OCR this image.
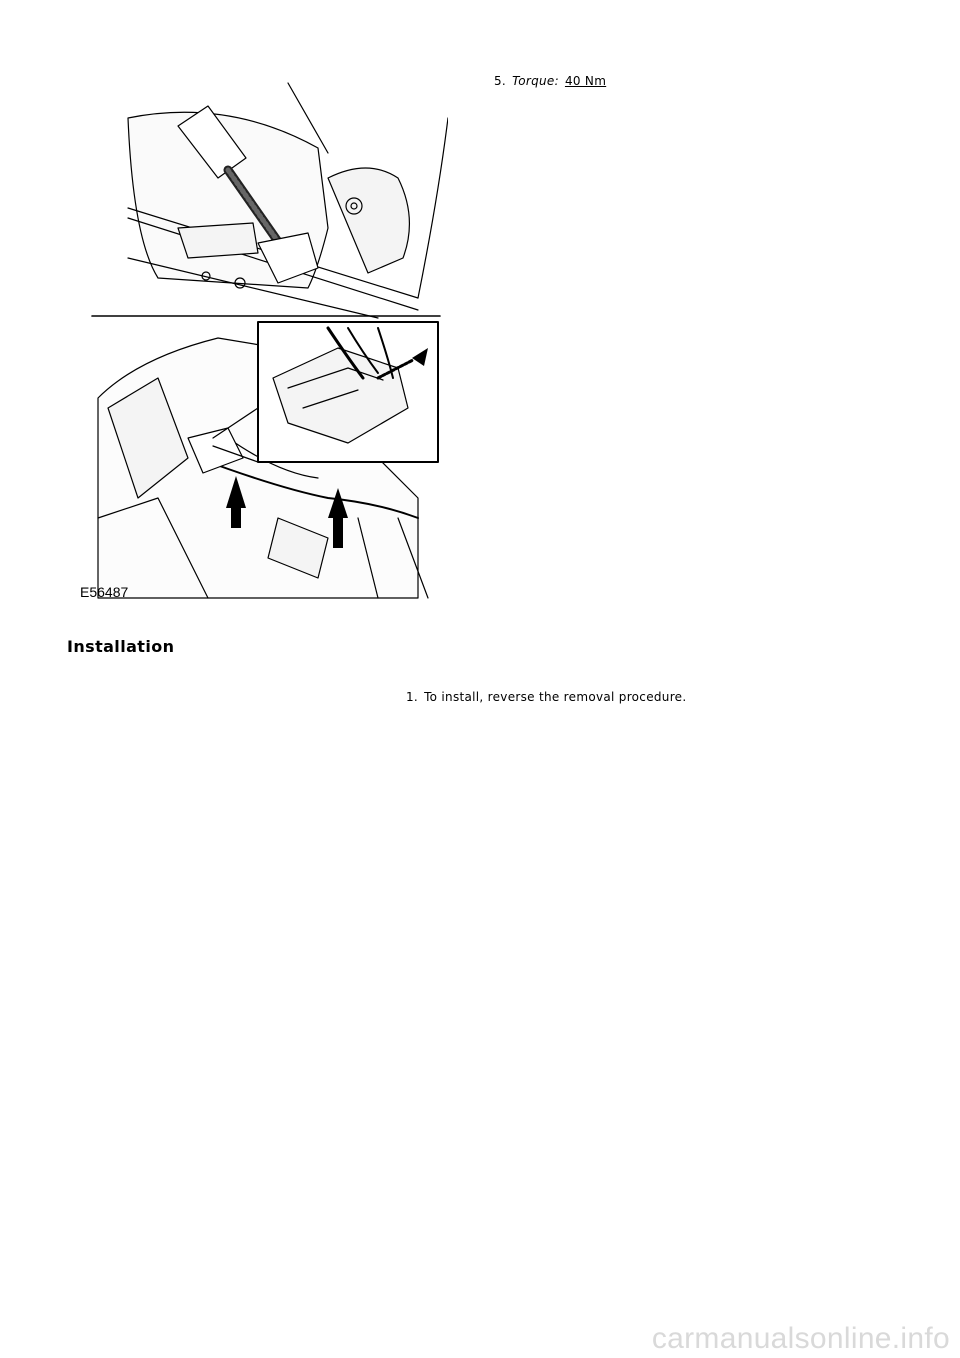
5. Torque: 40 Nm
E56487
Installation
1. To install, reverse the removal procedure.
carmanualsonline.info
